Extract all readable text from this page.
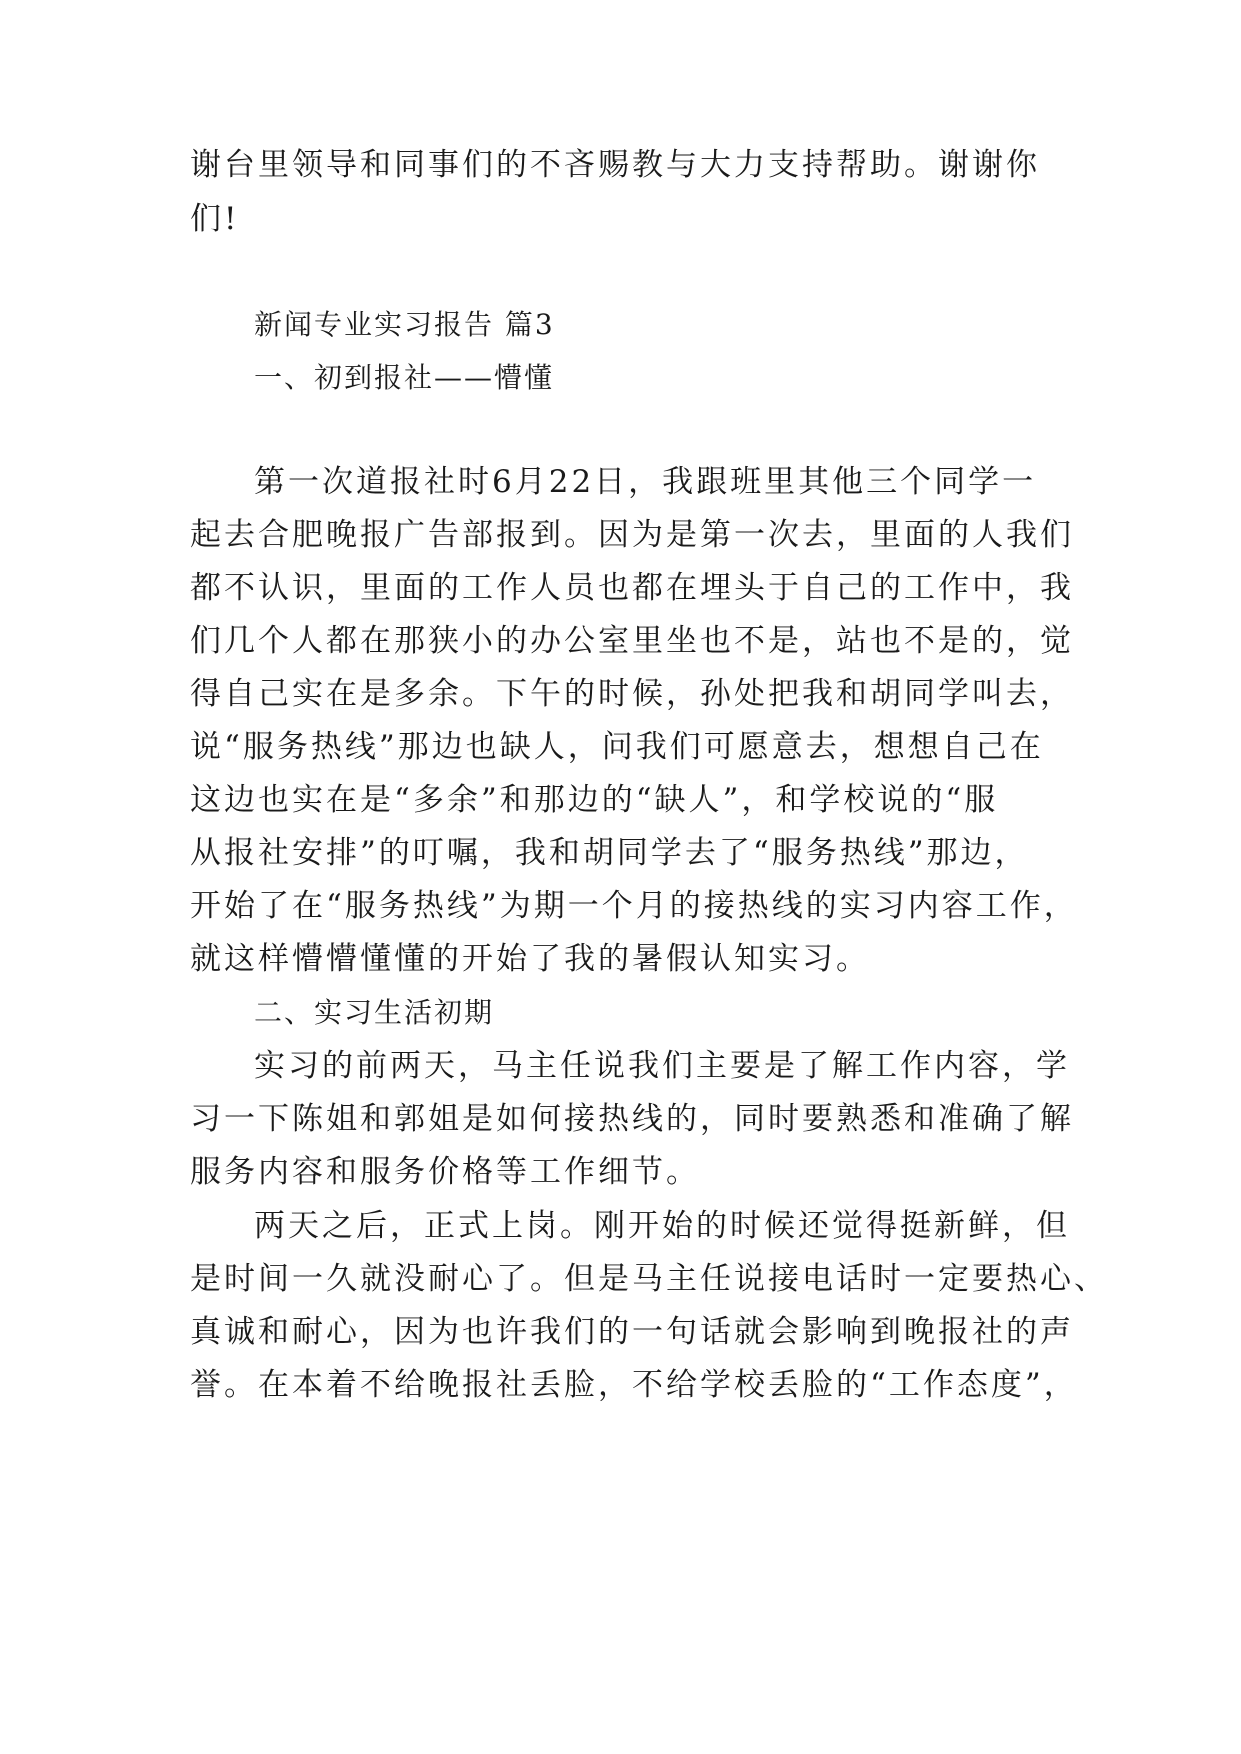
谢台里领导和同事们的不吝赐教与大力支持帮助。谢谢你
们!
新闻专业实习报告 篇3
一、初到报社——懵懂
第一次道报社时6月22日，我跟班里其他三个同学一
起去合肥晚报广告部报到。因为是第一次去，里面的人我们
都不认识，里面的工作人员也都在埋头于自己的工作中，我
们几个人都在那狭小的办公室里坐也不是，站也不是的，觉
得自己实在是多余。下午的时候，孙处把我和胡同学叫去，
说“服务热线”那边也缺人，问我们可愿意去，想想自己在
这边也实在是“多余”和那边的“缺人”，和学校说的“服
从报社安排”的叮嘱，我和胡同学去了“服务热线”那边，
开始了在“服务热线”为期一个月的接热线的实习内容工作，
就这样懵懵懂懂的开始了我的暑假认知实习。
二、实习生活初期
实习的前两天，马主任说我们主要是了解工作内容，学
习一下陈姐和郭姐是如何接热线的，同时要熟悉和准确了解
服务内容和服务价格等工作细节。
两天之后，正式上岗。刚开始的时候还觉得挺新鲜，但
是时间一久就没耐心了。但是马主任说接电话时一定要热心、
真诚和耐心，因为也许我们的一句话就会影响到晚报社的声
誉。在本着不给晚报社丢脸，不给学校丢脸的“工作态度”，
